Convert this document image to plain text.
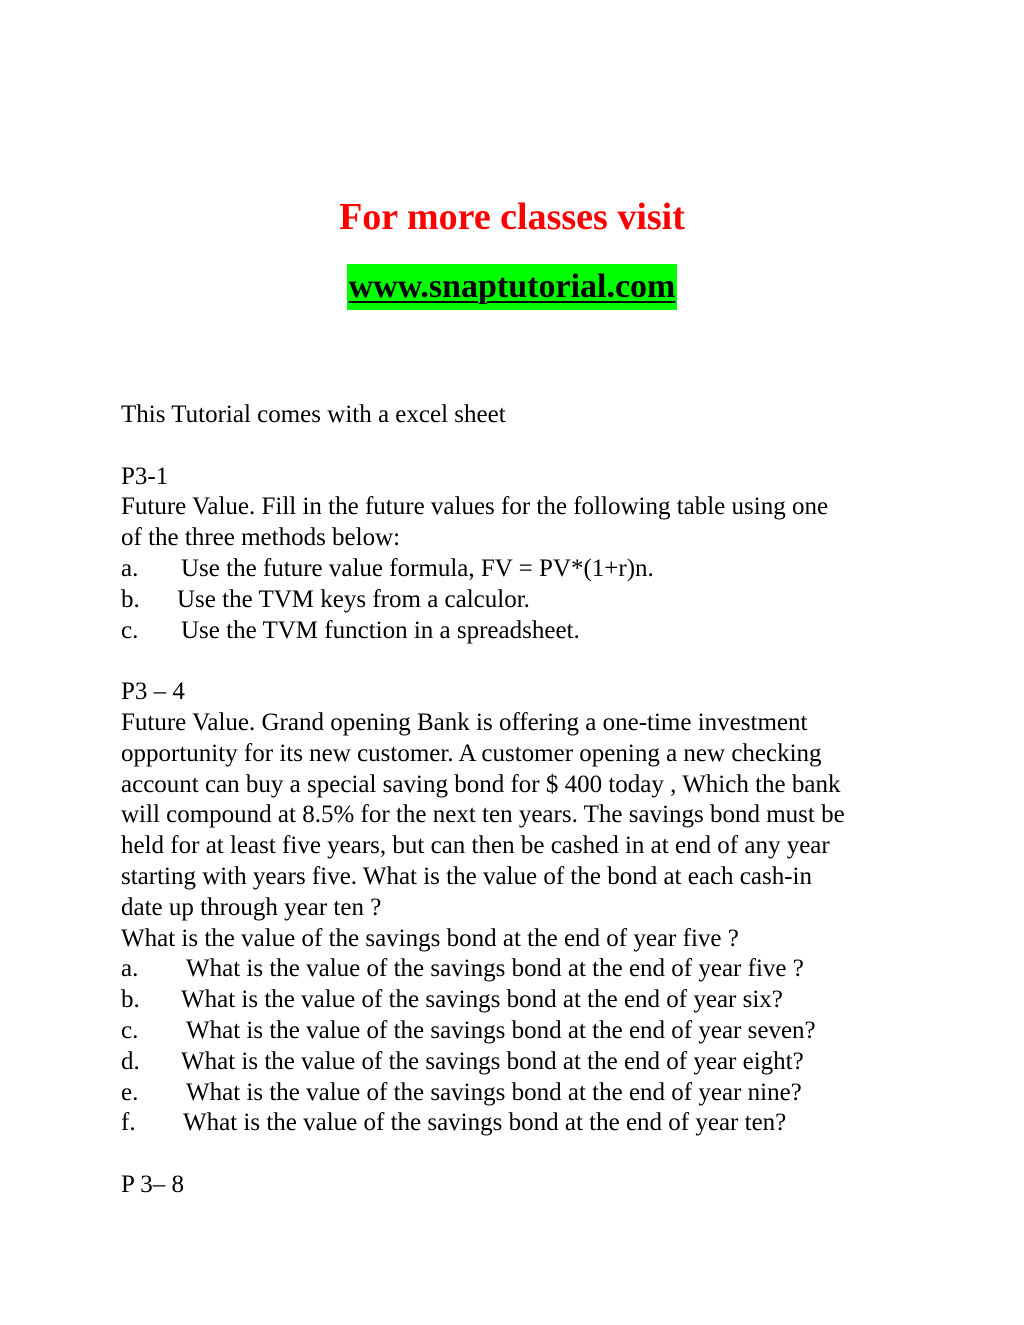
For more classes visit
www.snaptutorial.com
This Tutorial comes with a excel sheet
P3-1
Future Value. Fill in the future values for the following table using one
of the three methods below:
a. Use the future value formula, FV = PV*(1+r)n.
b. Use the TVM keys from a calculor.
c. Use the TVM function in a spreadsheet.
P3 – 4
Future Value. Grand opening Bank is offering a one-time investment
opportunity for its new customer. A customer opening a new checking
account can buy a special saving bond for $ 400 today , Which the bank
will compound at 8.5% for the next ten years. The savings bond must be
held for at least five years, but can then be cashed in at end of any year
starting with years five. What is the value of the bond at each cash-in
date up through year ten ?
What is the value of the savings bond at the end of year five ?
a. What is the value of the savings bond at the end of year five ?
b. What is the value of the savings bond at the end of year six?
c. What is the value of the savings bond at the end of year seven?
d. What is the value of the savings bond at the end of year eight?
e. What is the value of the savings bond at the end of year nine?
f. What is the value of the savings bond at the end of year ten?
P 3– 8
